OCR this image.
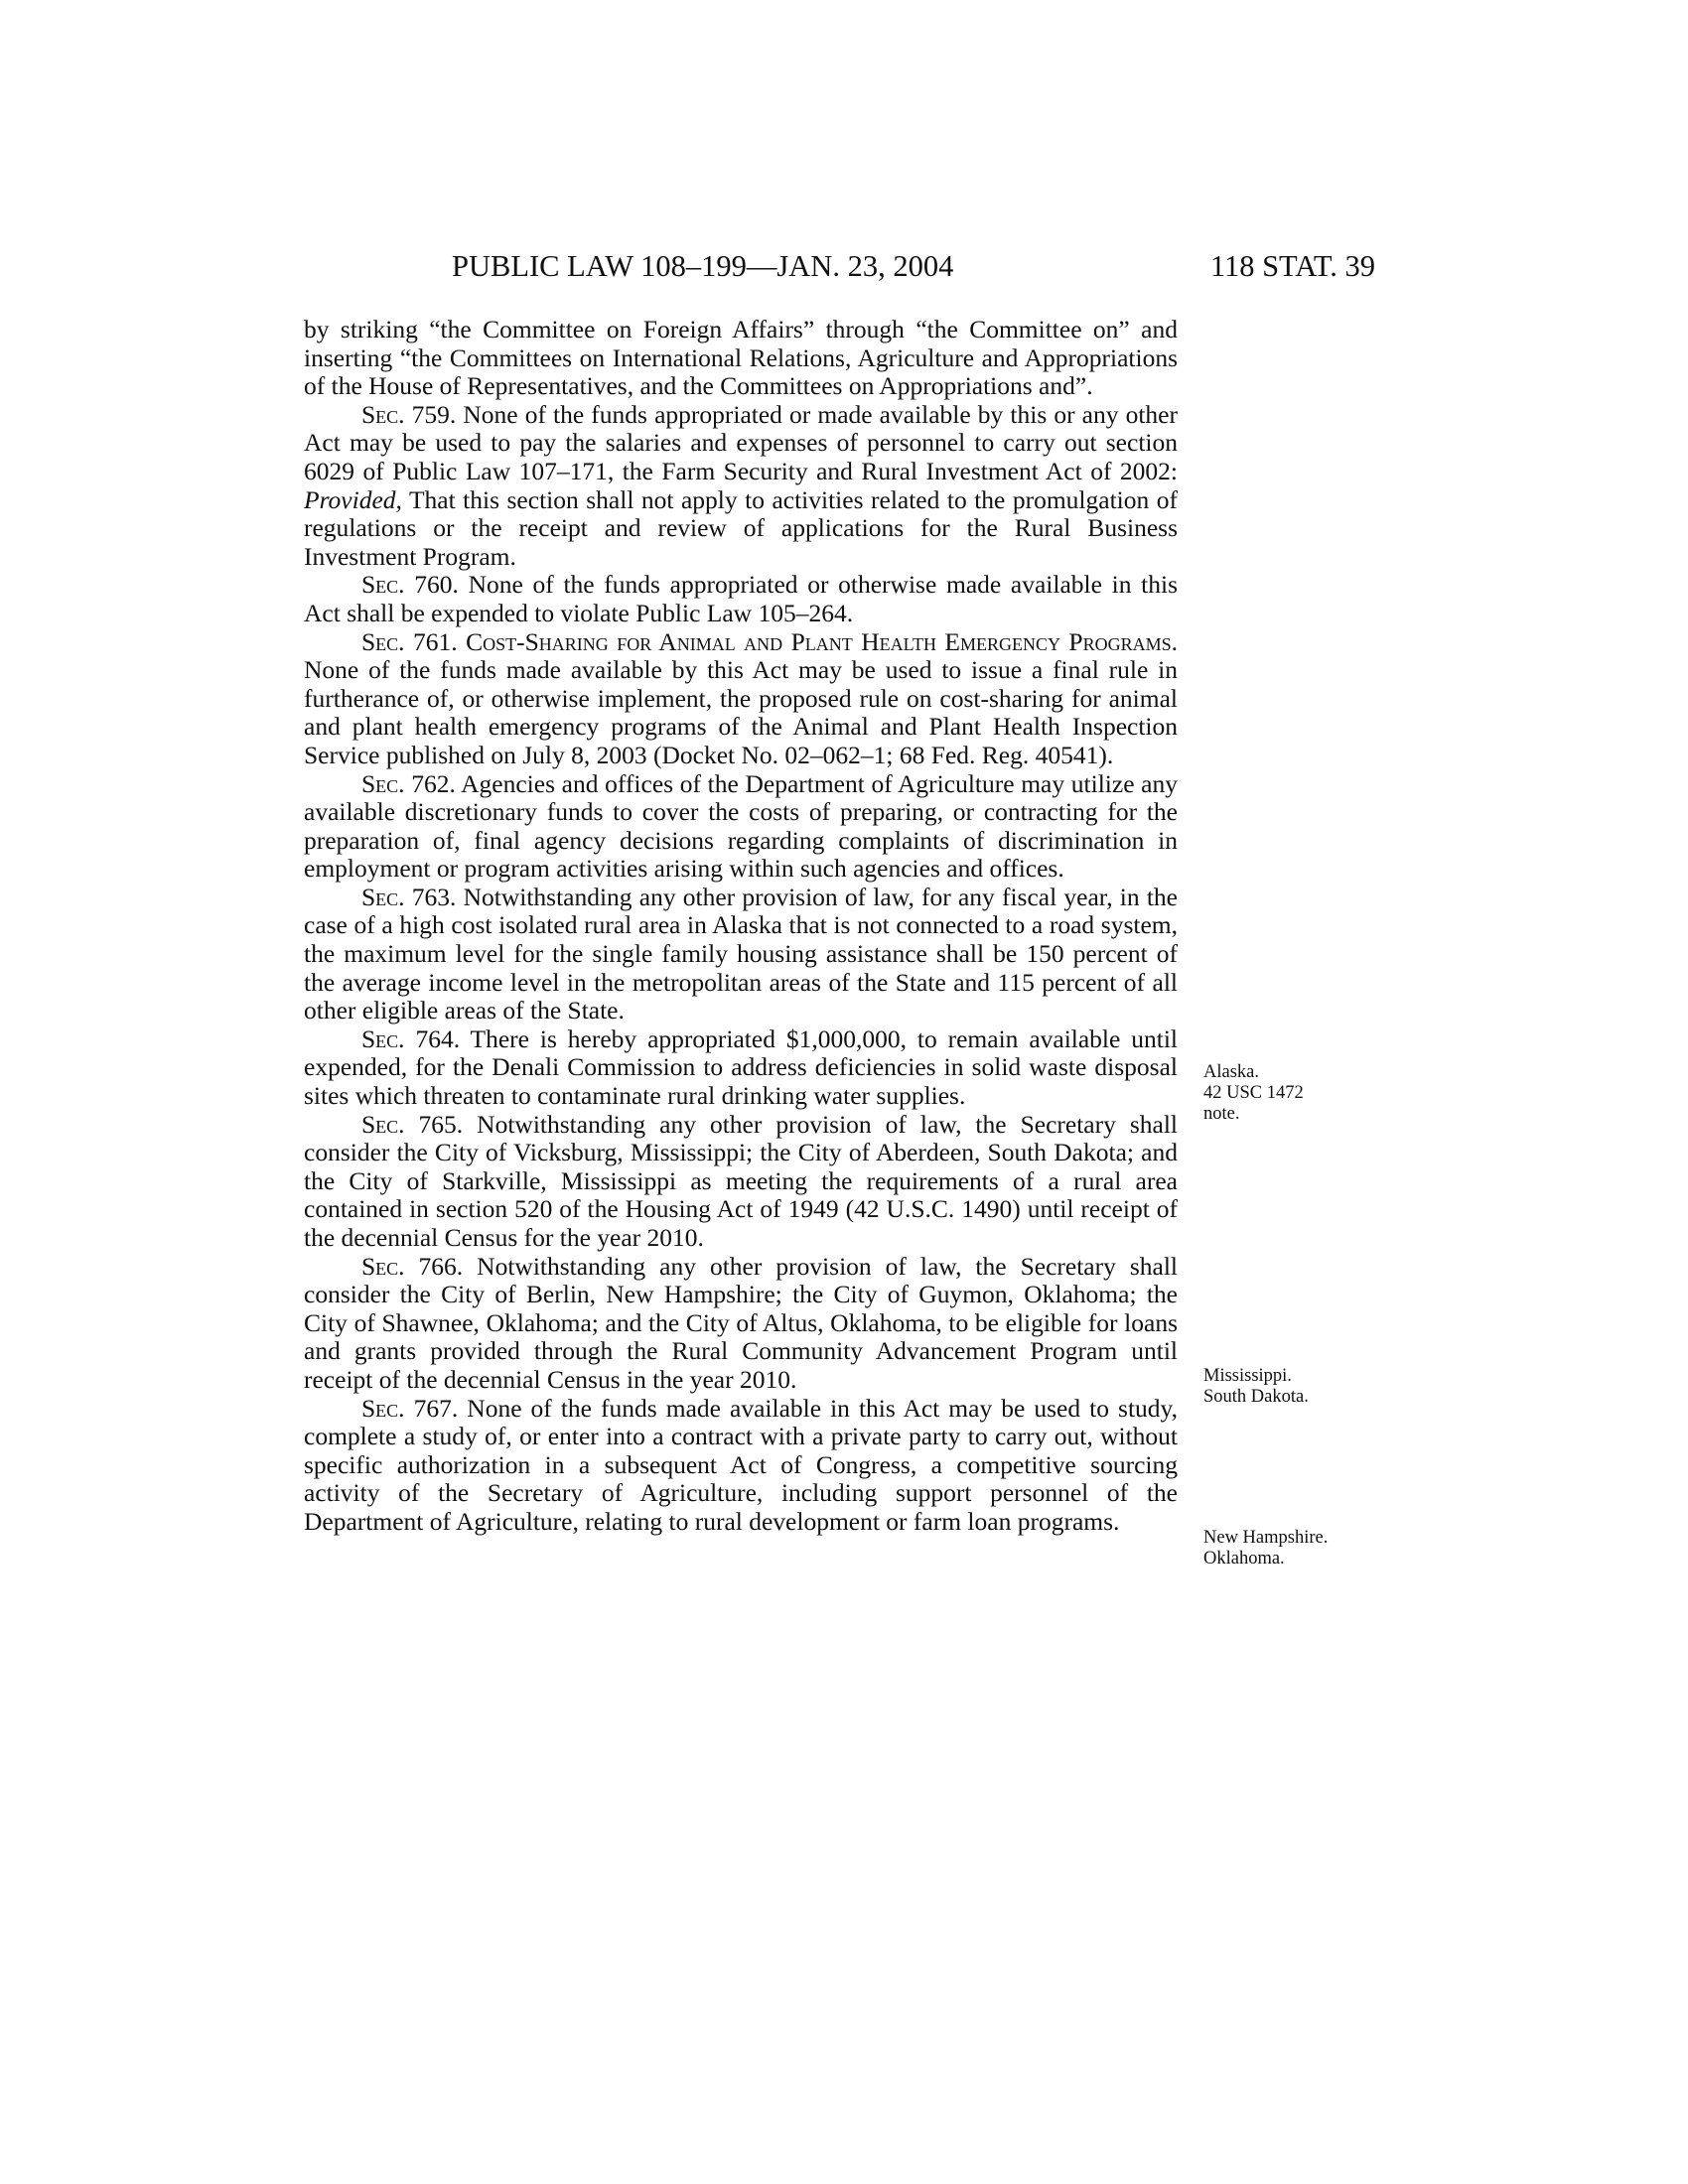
PUBLIC LAW 108–199—JAN. 23, 2004	118 STAT. 39

by striking “the Committee on Foreign Affairs” through “the Committee on” and inserting “the Committees on International Relations, Agriculture and Appropriations of the House of Representatives, and the Committees on Appropriations and”.

Sec. 759. None of the funds appropriated or made available by this or any other Act may be used to pay the salaries and expenses of personnel to carry out section 6029 of Public Law 107–171, the Farm Security and Rural Investment Act of 2002: Provided, That this section shall not apply to activities related to the promulgation of regulations or the receipt and review of applications for the Rural Business Investment Program.

Sec. 760. None of the funds appropriated or otherwise made available in this Act shall be expended to violate Public Law 105–264.

Sec. 761. Cost-Sharing for Animal and Plant Health Emergency Programs. None of the funds made available by this Act may be used to issue a final rule in furtherance of, or otherwise implement, the proposed rule on cost-sharing for animal and plant health emergency programs of the Animal and Plant Health Inspection Service published on July 8, 2003 (Docket No. 02–062–1; 68 Fed. Reg. 40541).

Sec. 762. Agencies and offices of the Department of Agriculture may utilize any available discretionary funds to cover the costs of preparing, or contracting for the preparation of, final agency decisions regarding complaints of discrimination in employment or program activities arising within such agencies and offices.

Sec. 763. Notwithstanding any other provision of law, for any fiscal year, in the case of a high cost isolated rural area in Alaska that is not connected to a road system, the maximum level for the single family housing assistance shall be 150 percent of the average income level in the metropolitan areas of the State and 115 percent of all other eligible areas of the State.

Sec. 764. There is hereby appropriated $1,000,000, to remain available until expended, for the Denali Commission to address deficiencies in solid waste disposal sites which threaten to contaminate rural drinking water supplies.

Sec. 765. Notwithstanding any other provision of law, the Secretary shall consider the City of Vicksburg, Mississippi; the City of Aberdeen, South Dakota; and the City of Starkville, Mississippi as meeting the requirements of a rural area contained in section 520 of the Housing Act of 1949 (42 U.S.C. 1490) until receipt of the decennial Census for the year 2010.

Sec. 766. Notwithstanding any other provision of law, the Secretary shall consider the City of Berlin, New Hampshire; the City of Guymon, Oklahoma; the City of Shawnee, Oklahoma; and the City of Altus, Oklahoma, to be eligible for loans and grants provided through the Rural Community Advancement Program until receipt of the decennial Census in the year 2010.

Sec. 767. None of the funds made available in this Act may be used to study, complete a study of, or enter into a contract with a private party to carry out, without specific authorization in a subsequent Act of Congress, a competitive sourcing activity of the Secretary of Agriculture, including support personnel of the Department of Agriculture, relating to rural development or farm loan programs.

Alaska.
42 USC 1472
note.
Mississippi.
South Dakota.
New Hampshire.
Oklahoma.
